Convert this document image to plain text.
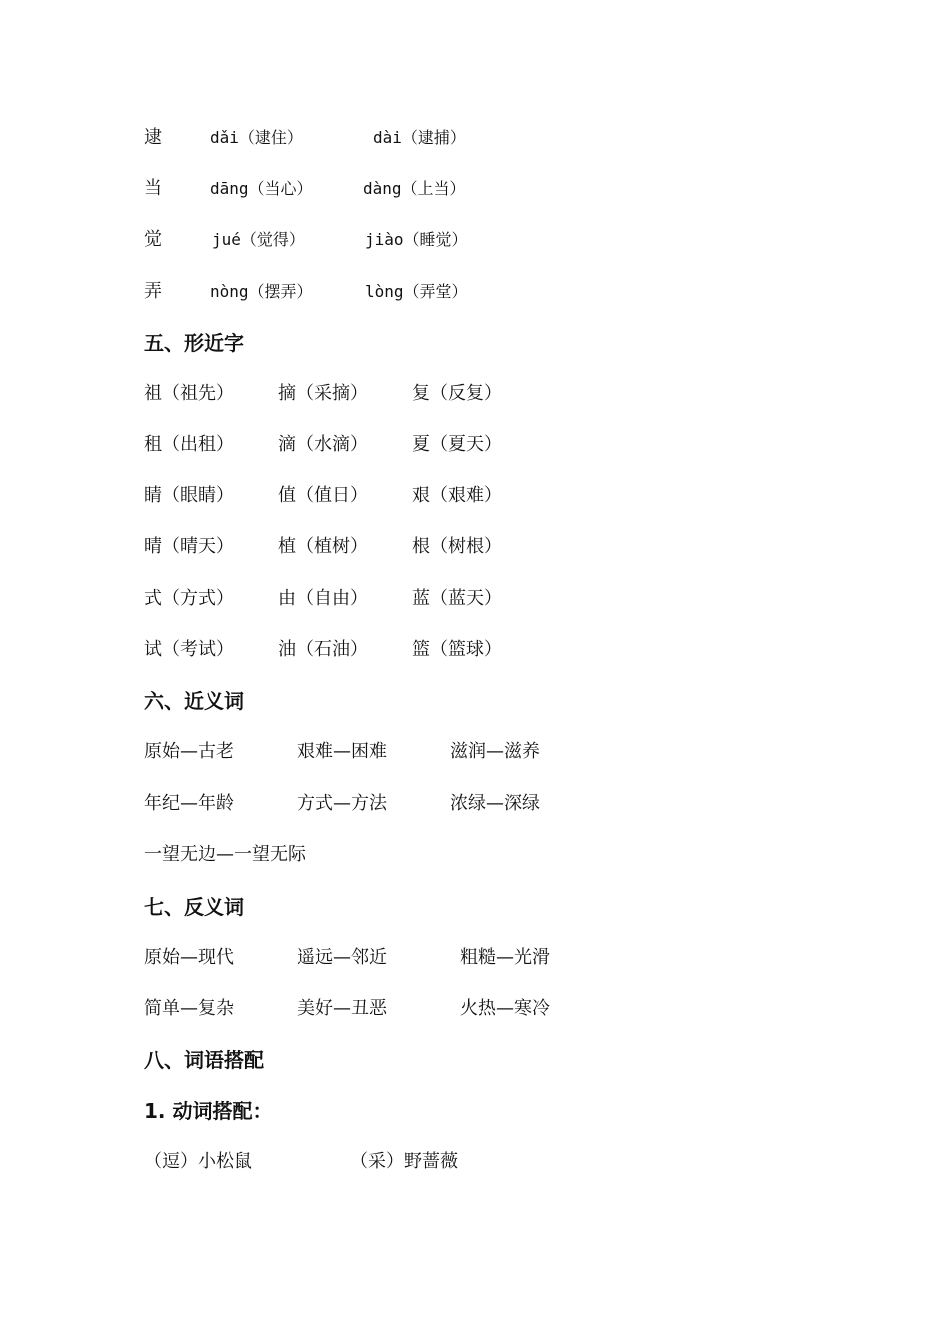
逮	dǎi（逮住）	dài（逮捕）
当	dāng（当心）	dàng（上当）
觉	jué（觉得）	jiào（睡觉）
弄	nòng（摆弄）	lòng（弄堂）
五、形近字
祖（祖先） 摘（采摘） 复（反复）
租（出租） 滴（水滴） 夏（夏天）
睛（眼睛） 值（值日） 艰（艰难）
晴（晴天） 植（植树） 根（树根）
式（方式） 由（自由） 蓝（蓝天）
试（考试） 油（石油） 篮（篮球）
六、近义词
原始—古老	艰难—困难	滋润—滋养
年纪—年龄	方式—方法	浓绿—深绿
一望无边—一望无际
七、反义词
原始—现代	遥远—邻近	粗糙—光滑
简单—复杂	美好—丑恶	火热—寒冷
八、词语搭配
1. 动词搭配：
（逗）小松鼠	（采）野蔷薇
